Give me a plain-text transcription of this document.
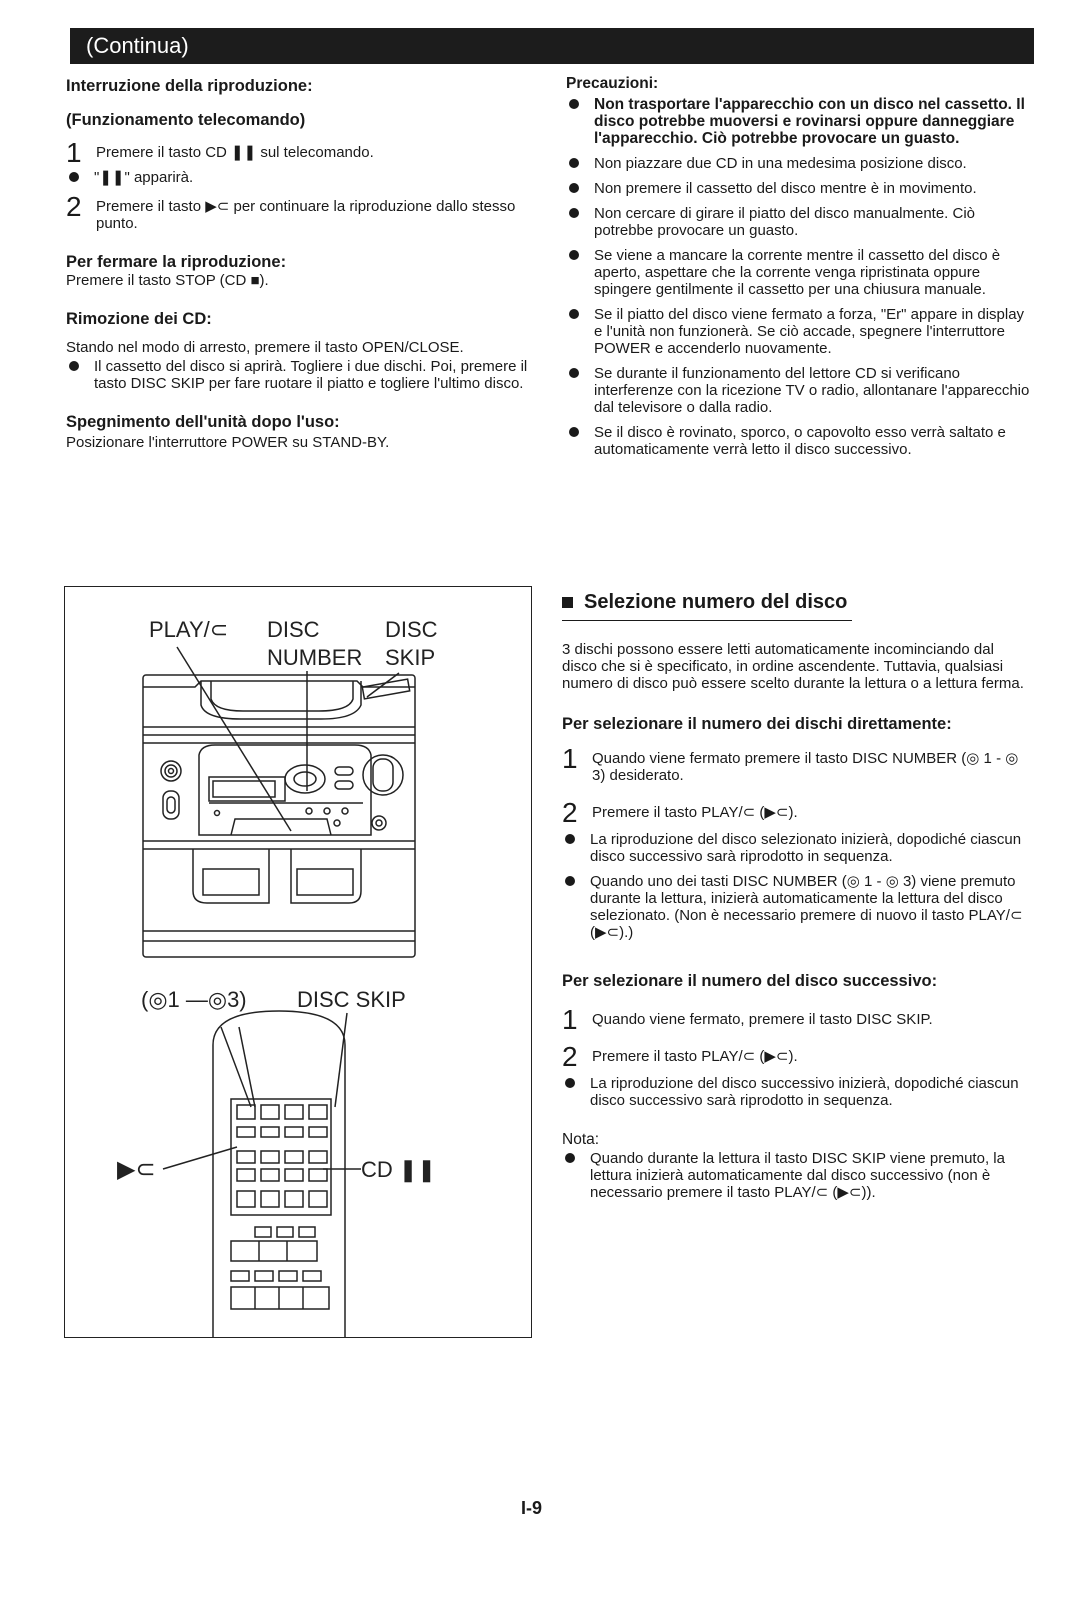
(Continua)
Interruzione della riproduzione:
(Funzionamento telecomando)
1 Premere il tasto CD ❚❚ sul telecomando.
"❚❚" apparirà.
2 Premere il tasto ▶⊂ per continuare la riproduzione dallo stesso punto.
Per fermare la riproduzione:
Premere il tasto STOP (CD ■).
Rimozione dei CD:
Stando nel modo di arresto, premere il tasto OPEN/CLOSE.
Il cassetto del disco si aprirà. Togliere i due dischi. Poi, premere il tasto DISC SKIP per fare ruotare il piatto e togliere l'ultimo disco.
Spegnimento dell'unità dopo l'uso:
Posizionare l'interruttore POWER su STAND-BY.
Precauzioni:
Non trasportare l'apparecchio con un disco nel cassetto. Il disco potrebbe muoversi e rovinarsi oppure danneggiare l'apparecchio. Ciò potrebbe provocare un guasto.
Non piazzare due CD in una medesima posizione disco.
Non premere il cassetto del disco mentre è in movimento.
Non cercare di girare il piatto del disco manualmente. Ciò potrebbe provocare un guasto.
Se viene a mancare la corrente mentre il cassetto del disco è aperto, aspettare che la corrente venga ripristinata oppure spingere gentilmente il cassetto per una chiusura manuale.
Se il piatto del disco viene fermato a forza, "Er" appare in display e l'unità non funzionerà. Se ciò accade, spegnere l'interruttore POWER e accenderlo nuovamente.
Se durante il funzionamento del lettore CD si verificano interferenze con la ricezione TV o radio, allontanare l'apparecchio dal televisore o dalla radio.
Se il disco è rovinato, sporco, o capovolto esso verrà saltato e automaticamente verrà letto il disco successivo.
PLAY/⊂ DISC
NUMBER
DISC
SKIP
(◎1 —◎3) DISC SKIP
▶⊂	CD ❚❚
Selezione numero del disco
3 dischi possono essere letti automaticamente incominciando dal disco che si è specificato, in ordine ascendente. Tuttavia, qualsiasi numero di disco può essere scelto durante la lettura o a lettura ferma.
Per selezionare il numero dei dischi direttamente:
1 Quando viene fermato premere il tasto DISC NUMBER (◎ 1 - ◎ 3) desiderato.
2 Premere il tasto PLAY/⊂ (▶⊂).
La riproduzione del disco selezionato inizierà, dopodiché ciascun disco successivo sarà riprodotto in sequenza.
Quando uno dei tasti DISC NUMBER (◎ 1 - ◎ 3) viene premuto durante la lettura, inizierà automaticamente la lettura del disco selezionato. (Non è necessario premere di nuovo il tasto PLAY/⊂ (▶⊂).)
Per selezionare il numero del disco successivo:
1 Quando viene fermato, premere il tasto DISC SKIP.
2 Premere il tasto PLAY/⊂ (▶⊂).
La riproduzione del disco successivo inizierà, dopodiché ciascun disco successivo sarà riprodotto in sequenza.
Nota:
Quando durante la lettura il tasto DISC SKIP viene premuto, la lettura inizierà automaticamente dal disco successivo (non è necessario premere il tasto PLAY/⊂ (▶⊂)).
I-9
